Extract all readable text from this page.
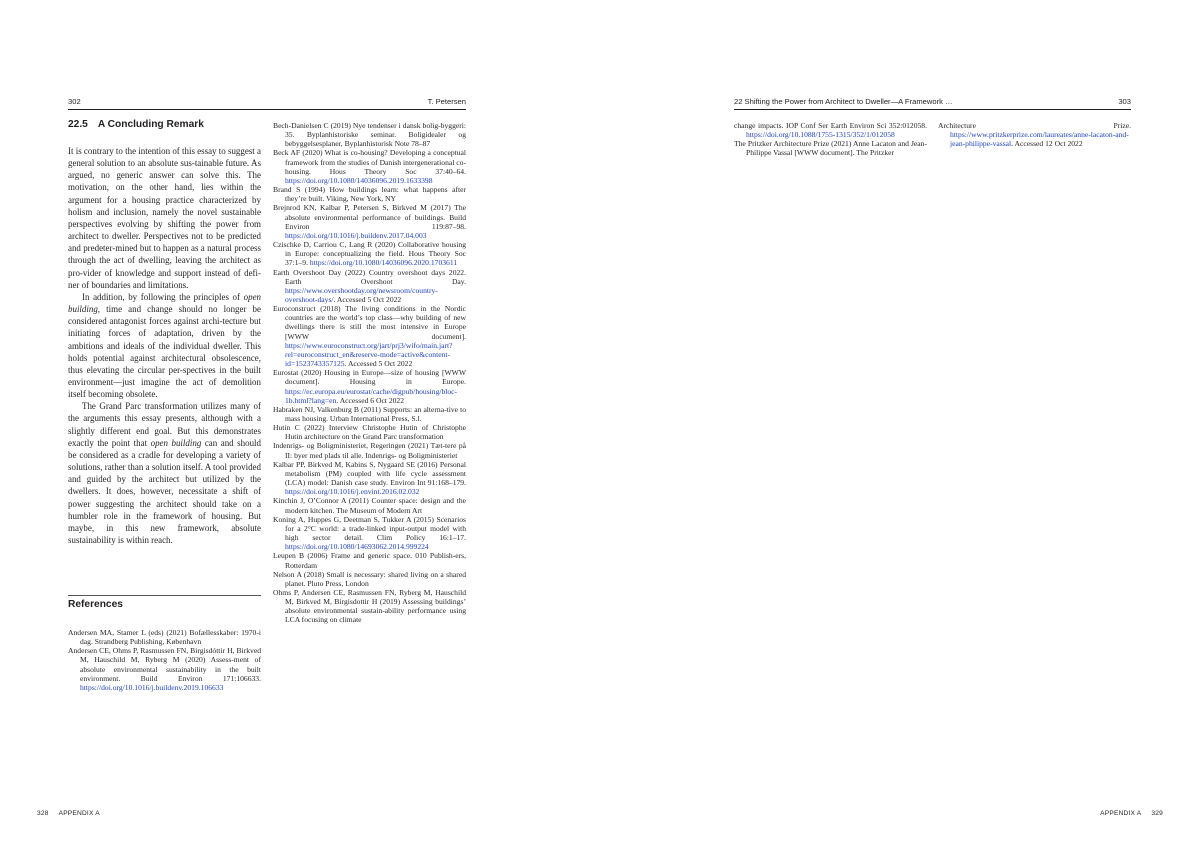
302	T. Petersen
22.5 A Concluding Remark

It is contrary to the intention of this essay to suggest a general solution to an absolute sus-tainable future. As argued, no generic answer can solve this. The motivation, on the other hand, lies within the argument for a housing practice characterized by holism and inclusion, namely the novel sustainable perspectives evolving by shifting the power from architect to dweller. Perspectives not to be predicted and predeter-mined but to happen as a natural process through the act of dwelling, leaving the architect as pro-vider of knowledge and support instead of defi-ner of boundaries and limitations.

In addition, by following the principles of open building, time and change should no longer be considered antagonist forces against archi-tecture but initiating forces of adaptation, driven by the ambitions and ideals of the individual dweller. This holds potential against architectural obsolescence, thus elevating the circular per-spectives in the built environment—just imagine the act of demolition itself becoming obsolete.

The Grand Parc transformation utilizes many of the arguments this essay presents, although with a slightly different end goal. But this demonstrates exactly the point that open building can and should be considered as a cradle for developing a variety of solutions, rather than a solution itself. A tool provided and guided by the architect but utilized by the dwellers. It does, however, necessitate a shift of power suggesting the architect should take on a humbler role in the framework of housing. But maybe, in this new framework, absolute sustainability is within reach.

References

Andersen MA, Stamer L (eds) (2021) Bofællesskaber: 1970-i dag. Strandberg Publishing, København

Andersen CE, Ohms P, Rasmussen FN, Birgisdóttir H, Birkved M, Hauschild M, Ryberg M (2020) Assess-ment of absolute environmental sustainability in the built environment. Build Environ 171:106633. https://doi.org/10.1016/j.buildenv.2019.106633

Bech-Danielsen C (2019) Nye tendenser i dansk bolig-byggeri: 35. Byplanhistoriske seminar. Boligidealer og bebyggelsesplaner, Byplanhistorisk Note 78–87

Beck AF (2020) What is co-housing? Developing a conceptual framework from the studies of Danish intergenerational co-housing. Hous Theory Soc 37:40–64. https://doi.org/10.1080/14036096.2019.1633398

Brand S (1994) How buildings learn: what happens after they’re built. Viking, New York, NY

Brejnrod KN, Kalbar P, Petersen S, Birkved M (2017) The absolute environmental performance of buildings. Build Environ 119:87–98. https://doi.org/10.1016/j.buildenv.2017.04.003

Czischke D, Carriou C, Lang R (2020) Collaborative housing in Europe: conceptualizing the field. Hous Theory Soc 37:1–9. https://doi.org/10.1080/14036096.2020.1703611

Earth Overshoot Day (2022) Country overshoot days 2022. Earth Overshoot Day. https://www.overshootday.org/newsroom/country-overshoot-days/. Accessed 5 Oct 2022

Euroconstruct (2018) The living conditions in the Nordic countries are the world’s top class—why building of new dwellings there is still the most intensive in Europe [WWW document]. https://www.euroconstruct.org/jart/prj3/wifo/main.jart?rel=euroconstruct_en&reserve-mode=active&content-id=1523743357125. Accessed 5 Oct 2022

Eurostat (2020) Housing in Europe—size of housing [WWW document]. Housing in Europe. https://ec.europa.eu/eurostat/cache/digpub/housing/bloc-1b.html?lang=en. Accessed 6 Oct 2022

Habraken NJ, Valkenburg B (2011) Supports: an alterna-tive to mass housing. Urban International Press, S.l.

Hutin C (2022) Interview Christophe Hutin of Christophe Hutin architecture on the Grand Parc transformation

Indenrigs- og Boligministeriet, Regeringen (2021) Tæt-tere på II: byer med plads til alle. Indenrigs- og Boligministeriet

Kalbar PP, Birkved M, Kabins S, Nygaard SE (2016) Personal metabolism (PM) coupled with life cycle assessment (LCA) model: Danish case study. Environ Int 91:168–179. https://doi.org/10.1016/j.envint.2016.02.032

Kinchin J, O’Connor A (2011) Counter space: design and the modern kitchen. The Museum of Modern Art

Koning A, Huppes G, Deetman S, Tukker A (2015) Scenarios for a 2°C world: a trade-linked input-output model with high sector detail. Clim Policy 16:1–17. https://doi.org/10.1080/14693062.2014.999224

Leupen B (2006) Frame and generic space. 010 Publish-ers, Rotterdam

Nelson A (2018) Small is necessary: shared living on a shared planet. Pluto Press, London

Ohms P, Andersen CE, Rasmussen FN, Ryberg M, Hauschild M, Birkved M, Birgisdottir H (2019) Assessing buildings’ absolute environmental sustain-ability performance using LCA focusing on climate

22 Shifting the Power from Architect to Dweller—A Framework …	303

change impacts. IOP Conf Ser Earth Environ Sci 352:012058. https://doi.org/10.1088/1755-1315/352/1/012058

The Pritzker Architecture Prize (2021) Anne Lacaton and Jean-Philippe Vassal [WWW document]. The Pritzker

Architecture Prize. https://www.pritzkerprize.com/laureates/anne-lacaton-and-jean-philippe-vassal. Accessed 12 Oct 2022

328 APPENDIX A	APPENDIX A 329
